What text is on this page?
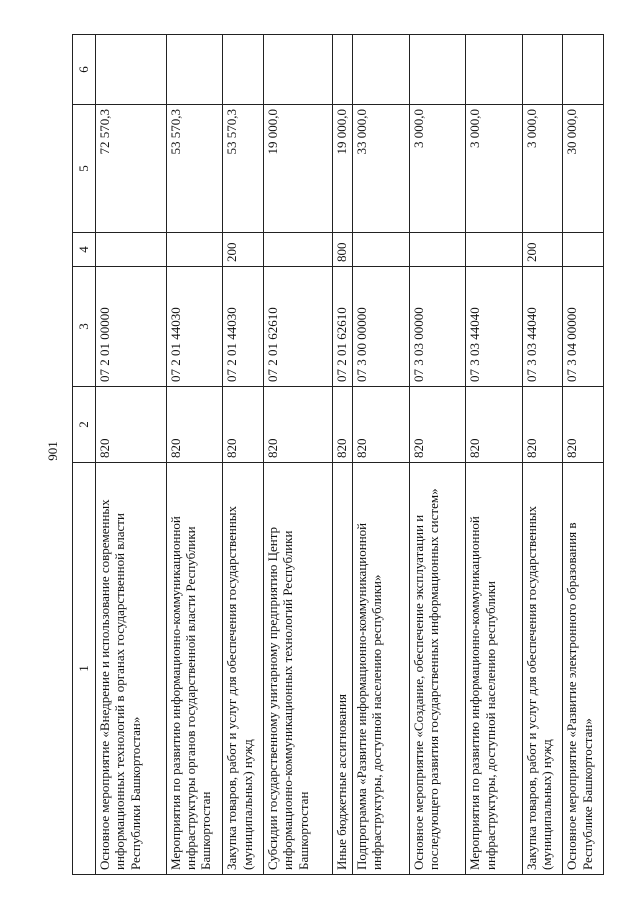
901
1	2	3	4	5	6
Основное мероприятие «Внедрение и использование современных информационных технологий в органах государственной власти Республики Башкортостан»	820	07 2 01 00000		72 570,3	
Мероприятия по развитию информационно-коммуникационной инфраструктуры органов государственной власти Республики Башкортостан	820	07 2 01 44030		53 570,3	
Закупка товаров, работ и услуг для обеспечения государственных (муниципальных) нужд	820	07 2 01 44030	200	53 570,3	
Субсидии государственному унитарному предприятию Центр информационно-коммуникационных технологий Республики Башкортостан	820	07 2 01 62610		19 000,0	
Иные бюджетные ассигнования	820	07 2 01 62610	800	19 000,0	
Подпрограмма «Развитие информационно-коммуникационной инфраструктуры, доступной населению республики»	820	07 3 00 00000		33 000,0	
Основное мероприятие «Создание, обеспечение эксплуатации и последующего развития государственных информационных систем»	820	07 3 03 00000		3 000,0	
Мероприятия по развитию информационно-коммуникационной инфраструктуры, доступной населению республики	820	07 3 03 44040		3 000,0	
Закупка товаров, работ и услуг для обеспечения государственных (муниципальных) нужд	820	07 3 03 44040	200	3 000,0	
Основное мероприятие «Развитие электронного образования в Республике Башкортостан»	820	07 3 04 00000		30 000,0	
